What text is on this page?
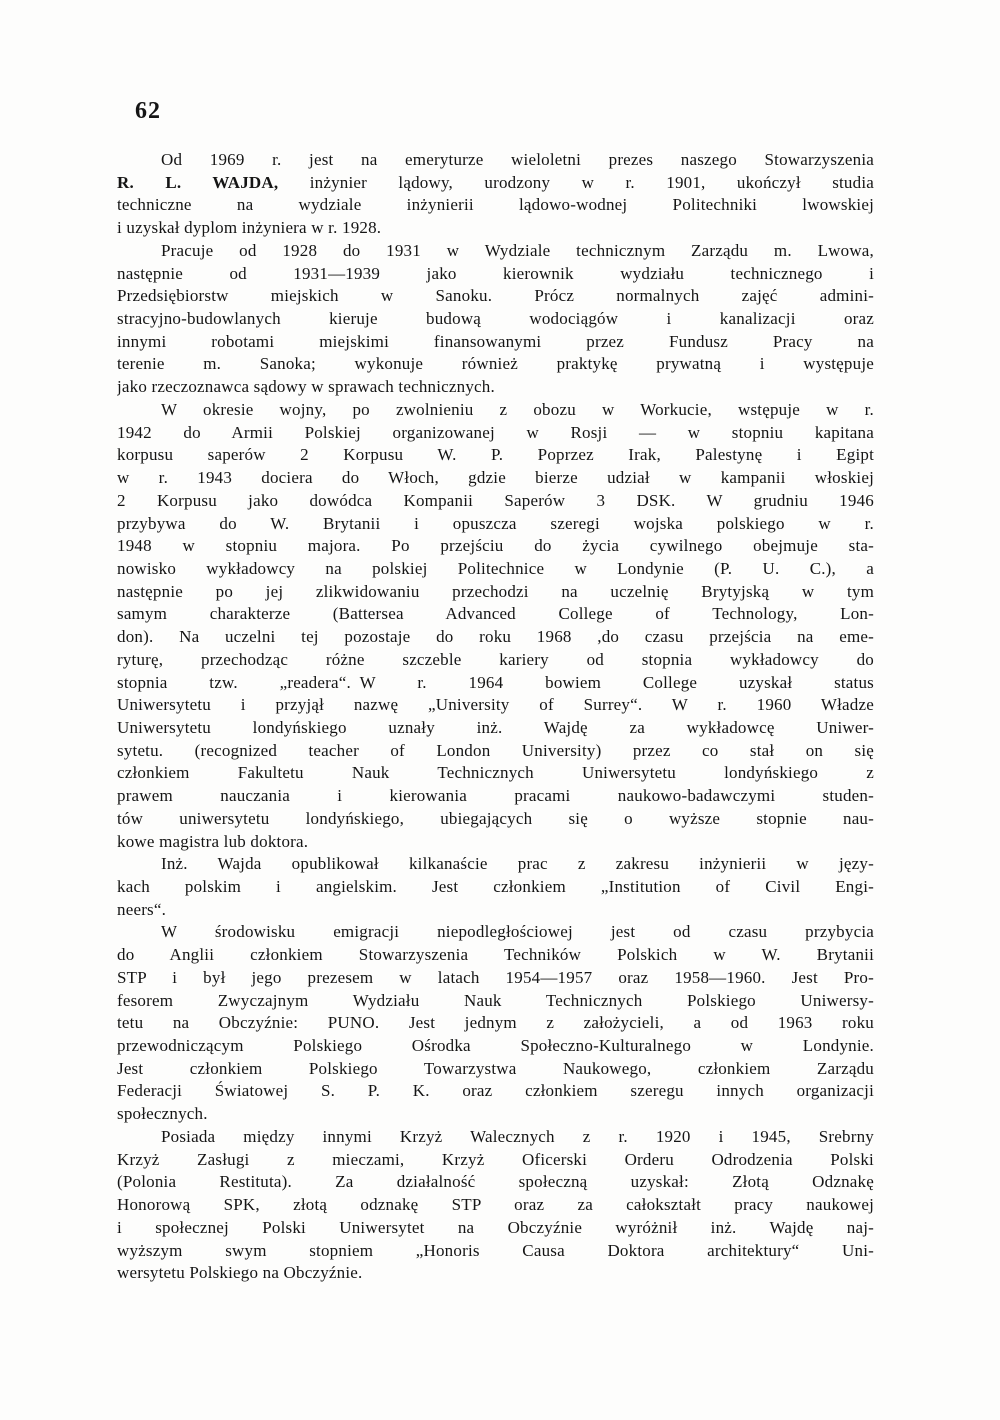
62
Od 1969 r. jest na emeryturze wieloletni prezes naszego Stowarzyszenia
R. L. WAJDA, inżynier lądowy, urodzony w r. 1901, ukończył studia
techniczne na wydziale inżynierii lądowo-wodnej Politechniki lwowskiej
i uzyskał dyplom inżyniera w r. 1928.
Pracuje od 1928 do 1931 w Wydziale technicznym Zarządu m. Lwowa,
następnie od 1931—1939 jako kierownik wydziału technicznego i
Przedsiębiorstw miejskich w Sanoku. Prócz normalnych zajęć admini-
stracyjno-budowlanych kieruje budową wodociągów i kanalizacji oraz
innymi robotami miejskimi finansowanymi przez Fundusz Pracy na
terenie m. Sanoka; wykonuje również praktykę prywatną i występuje
jako rzeczoznawca sądowy w sprawach technicznych.
W okresie wojny, po zwolnieniu z obozu w Workucie, wstępuje w r.
1942 do Armii Polskiej organizowanej w Rosji — w stopniu kapitana
korpusu saperów 2 Korpusu W. P. Poprzez Irak, Palestynę i Egipt
w r. 1943 dociera do Włoch, gdzie bierze udział w kampanii włoskiej
2 Korpusu jako dowódca Kompanii Saperów 3 DSK. W grudniu 1946
przybywa do W. Brytanii i opuszcza szeregi wojska polskiego w r.
1948 w stopniu majora. Po przejściu do życia cywilnego obejmuje sta-
nowisko wykładowcy na polskiej Politechnice w Londynie (P. U. C.), a
następnie po jej zlikwidowaniu przechodzi na uczelnię Brytyjską w tym
samym charakterze (Battersea Advanced College of Technology, Lon-
don). Na uczelni tej pozostaje do roku 1968 ,do czasu przejścia na eme-
ryturę, przechodząc różne szczeble kariery od stopnia wykładowcy do
stopnia tzw. „readera“. W r. 1964 bowiem College uzyskał status
Uniwersytetu i przyjął nazwę „University of Surrey“. W r. 1960 Władze
Uniwersytetu londyńskiego uznały inż. Wajdę za wykładowcę Uniwer-
sytetu. (recognized teacher of London University) przez co stał on się
członkiem Fakultetu Nauk Technicznych Uniwersytetu londyńskiego z
prawem nauczania i kierowania pracami naukowo-badawczymi studen-
tów uniwersytetu londyńskiego, ubiegających się o wyższe stopnie nau-
kowe magistra lub doktora.
Inż. Wajda opublikował kilkanaście prac z zakresu inżynierii w języ-
kach polskim i angielskim. Jest członkiem „Institution of Civil Engi-
neers“.
W środowisku emigracji niepodległościowej jest od czasu przybycia
do Anglii członkiem Stowarzyszenia Techników Polskich w W. Brytanii
STP i był jego prezesem w latach 1954—1957 oraz 1958—1960. Jest Pro-
fesorem Zwyczajnym Wydziału Nauk Technicznych Polskiego Uniwersy-
tetu na Obczyźnie: PUNO. Jest jednym z założycieli, a od 1963 roku
przewodniczącym Polskiego Ośrodka Społeczno-Kulturalnego w Londynie.
Jest członkiem Polskiego Towarzystwa Naukowego, członkiem Zarządu
Federacji Światowej S. P. K. oraz członkiem szeregu innych organizacji
społecznych.
Posiada między innymi Krzyż Walecznych z r. 1920 i 1945, Srebrny
Krzyż Zasługi z mieczami, Krzyż Oficerski Orderu Odrodzenia Polski
(Polonia Restituta). Za działalność społeczną uzyskał: Złotą Odznakę
Honorową SPK, złotą odznakę STP oraz za całokształt pracy naukowej
i społecznej Polski Uniwersytet na Obczyźnie wyróżnił inż. Wajdę naj-
wyższym swym stopniem „Honoris Causa Doktora architektury“ Uni-
wersytetu Polskiego na Obczyźnie.
